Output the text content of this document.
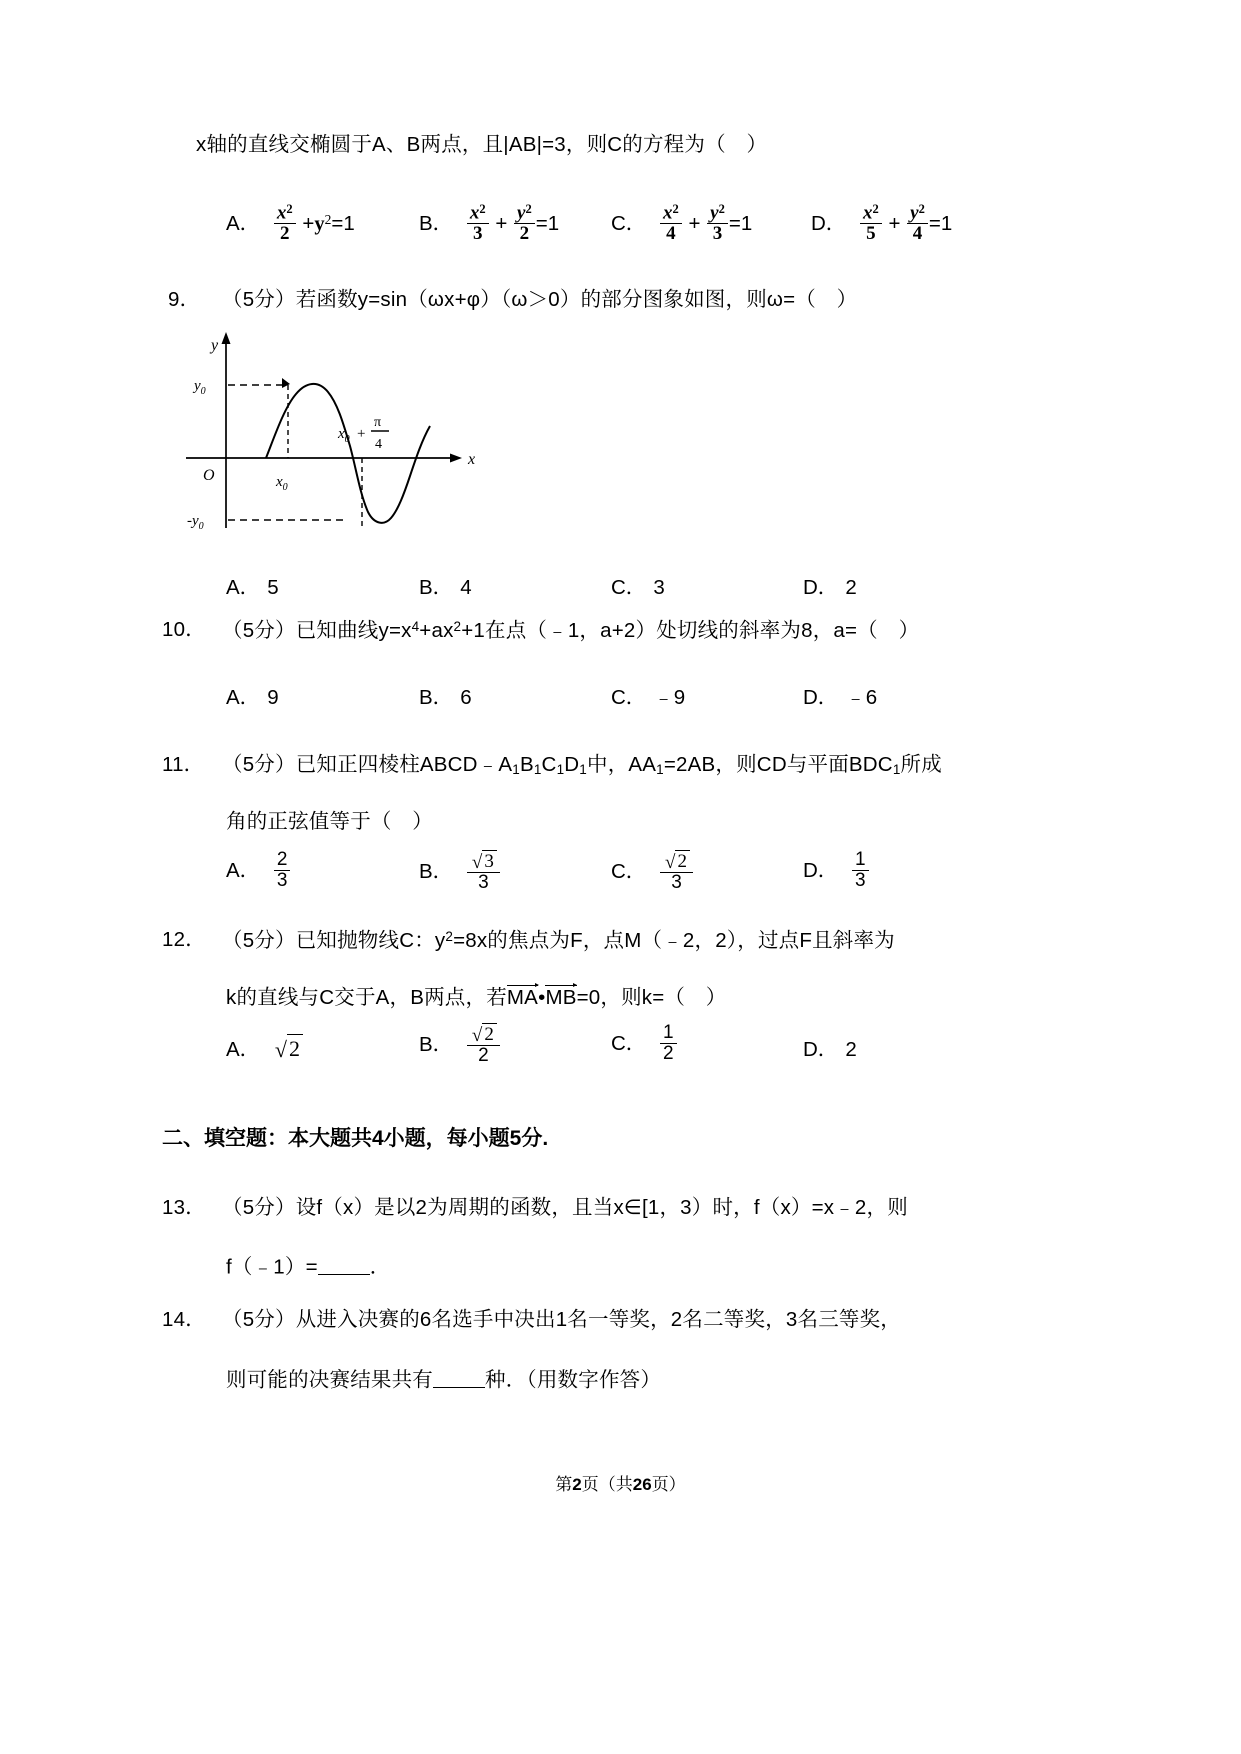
x轴的直线交椭圆于A、B两点，且|AB|=3，则C的方程为（　）
A． $\frac{x^2}{2} +y^2=1$	B． $\frac{x^2}{3} + \frac{y^2}{2} =1$	C． $\frac{x^2}{4} + \frac{y^2}{3} =1$	D． $\frac{x^2}{5} + \frac{y^2}{4} =1$
9． （5分）若函数y=sin（ωx+φ）（ω＞0）的部分图象如图，则ω=（　）
A． 5	B． 4	C． 3	D． 2
10． （5分）已知曲线$y=x^4+ax^2+1$在点（﹣1，a+2）处切线的斜率为8，a=（　）
A． 9	B． 6	C． ﹣9	D． ﹣6
11． （5分）已知正四棱柱$ABCD﹣A_1B_1C_1D_1$中，$AA_1=2AB$，则CD与平面$BDC_1$所成
角的正弦值等于（　）
A． $\frac{2}{3}$	B． $\frac{√ 3}{3}$	C． $\frac{√ 2}{3}$	D． $\frac{1}{3}$
12． （5分）已知抛物线C：$y^2=8x$的焦点为F，点M（﹣2，2），过点F且斜率为
k的直线与C交于A，B两点，若MA•MB=0，则k=（　）
A． √2	B． $\frac{√ 2}{2}$	C． $\frac{1}{2}$	D． 2
二、填空题：本大题共4小题，每小题5分.
13． （5分）设f（x）是以2为周期的函数，且当x∈[1，3）时，f（x）=x﹣2，则
f（﹣1）=	．
14． （5分）从进入决赛的6名选手中决出1名一等奖，2名二等奖，3名三等奖，
则可能的决赛结果共有	种．（用数字作答）
y
x
O
$y_0$
$-y_0$
$x_0$
$x_0$ +
π
4
第2页（共26页）
